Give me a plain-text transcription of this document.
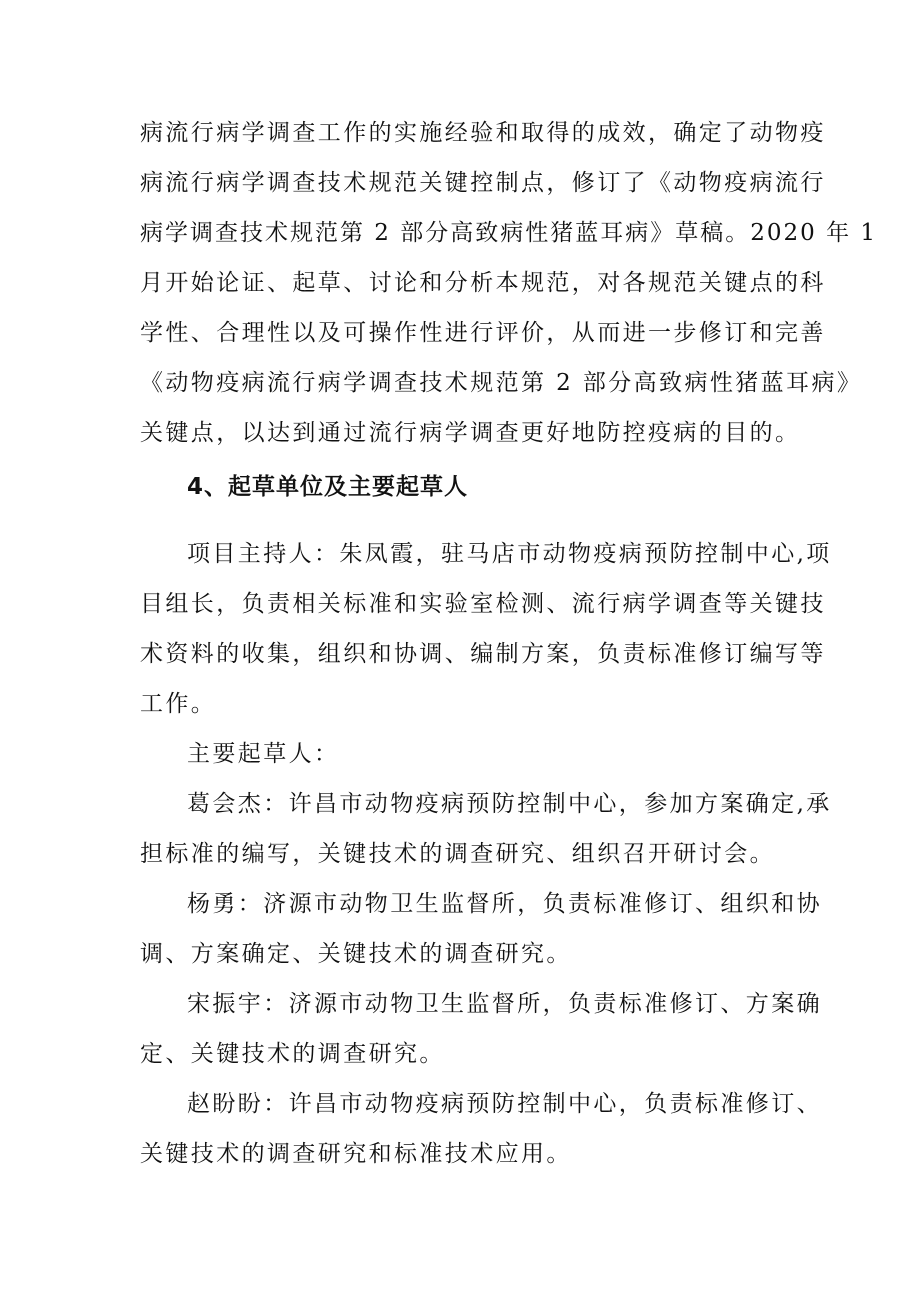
病流行病学调查工作的实施经验和取得的成效，确定了动物疫
病流行病学调查技术规范关键控制点，修订了《动物疫病流行
病学调查技术规范第 2 部分高致病性猪蓝耳病》草稿。2020 年 1
月开始论证、起草、讨论和分析本规范，对各规范关键点的科
学性、合理性以及可操作性进行评价，从而进一步修订和完善
《动物疫病流行病学调查技术规范第 2 部分高致病性猪蓝耳病》
关键点，以达到通过流行病学调查更好地防控疫病的目的。
4、起草单位及主要起草人
项目主持人：朱凤霞，驻马店市动物疫病预防控制中心,项
目组长，负责相关标准和实验室检测、流行病学调查等关键技
术资料的收集，组织和协调、编制方案，负责标准修订编写等
工作。
主要起草人：
葛会杰：许昌市动物疫病预防控制中心，参加方案确定,承
担标准的编写，关键技术的调查研究、组织召开研讨会。
杨勇：济源市动物卫生监督所，负责标准修订、组织和协
调、方案确定、关键技术的调查研究。
宋振宇：济源市动物卫生监督所，负责标准修订、方案确
定、关键技术的调查研究。
赵盼盼：许昌市动物疫病预防控制中心，负责标准修订、
关键技术的调查研究和标准技术应用。
